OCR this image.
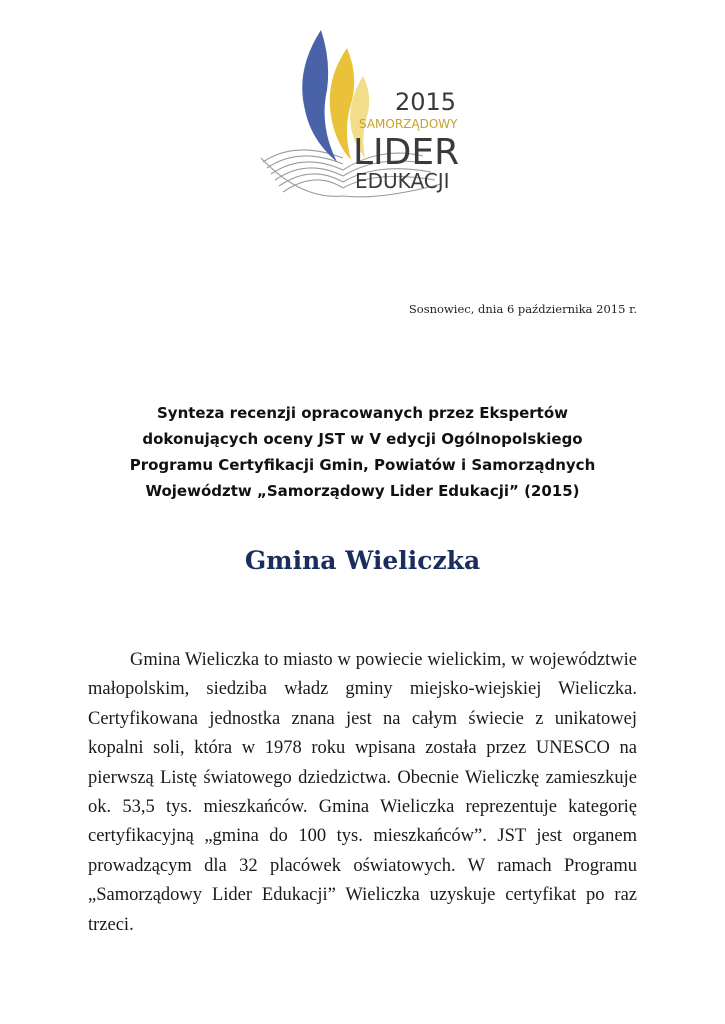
2015
SAMORZĄDOWY
LIDER
EDUKACJI
Sosnowiec, dnia 6 października 2015 r.
Synteza recenzji opracowanych przez Ekspertów
dokonujących oceny JST w V edycji Ogólnopolskiego
Programu Certyfikacji Gmin, Powiatów i Samorządnych
Województw „Samorządowy Lider Edukacji” (2015)
Gmina Wieliczka
Gmina Wieliczka to miasto w powiecie wielickim, w województwie
małopolskim, siedziba władz gminy miejsko-wiejskiej Wieliczka.
Certyfikowana jednostka znana jest na całym świecie z unikatowej
kopalni soli, która w 1978 roku wpisana została przez UNESCO na
pierwszą Listę światowego dziedzictwa. Obecnie Wieliczkę zamieszkuje
ok. 53,5 tys. mieszkańców. Gmina Wieliczka reprezentuje kategorię
certyfikacyjną „gmina do 100 tys. mieszkańców”. JST jest organem
prowadzącym dla 32 placówek oświatowych. W ramach Programu
„Samorządowy Lider Edukacji” Wieliczka uzyskuje certyfikat po raz
trzeci.
